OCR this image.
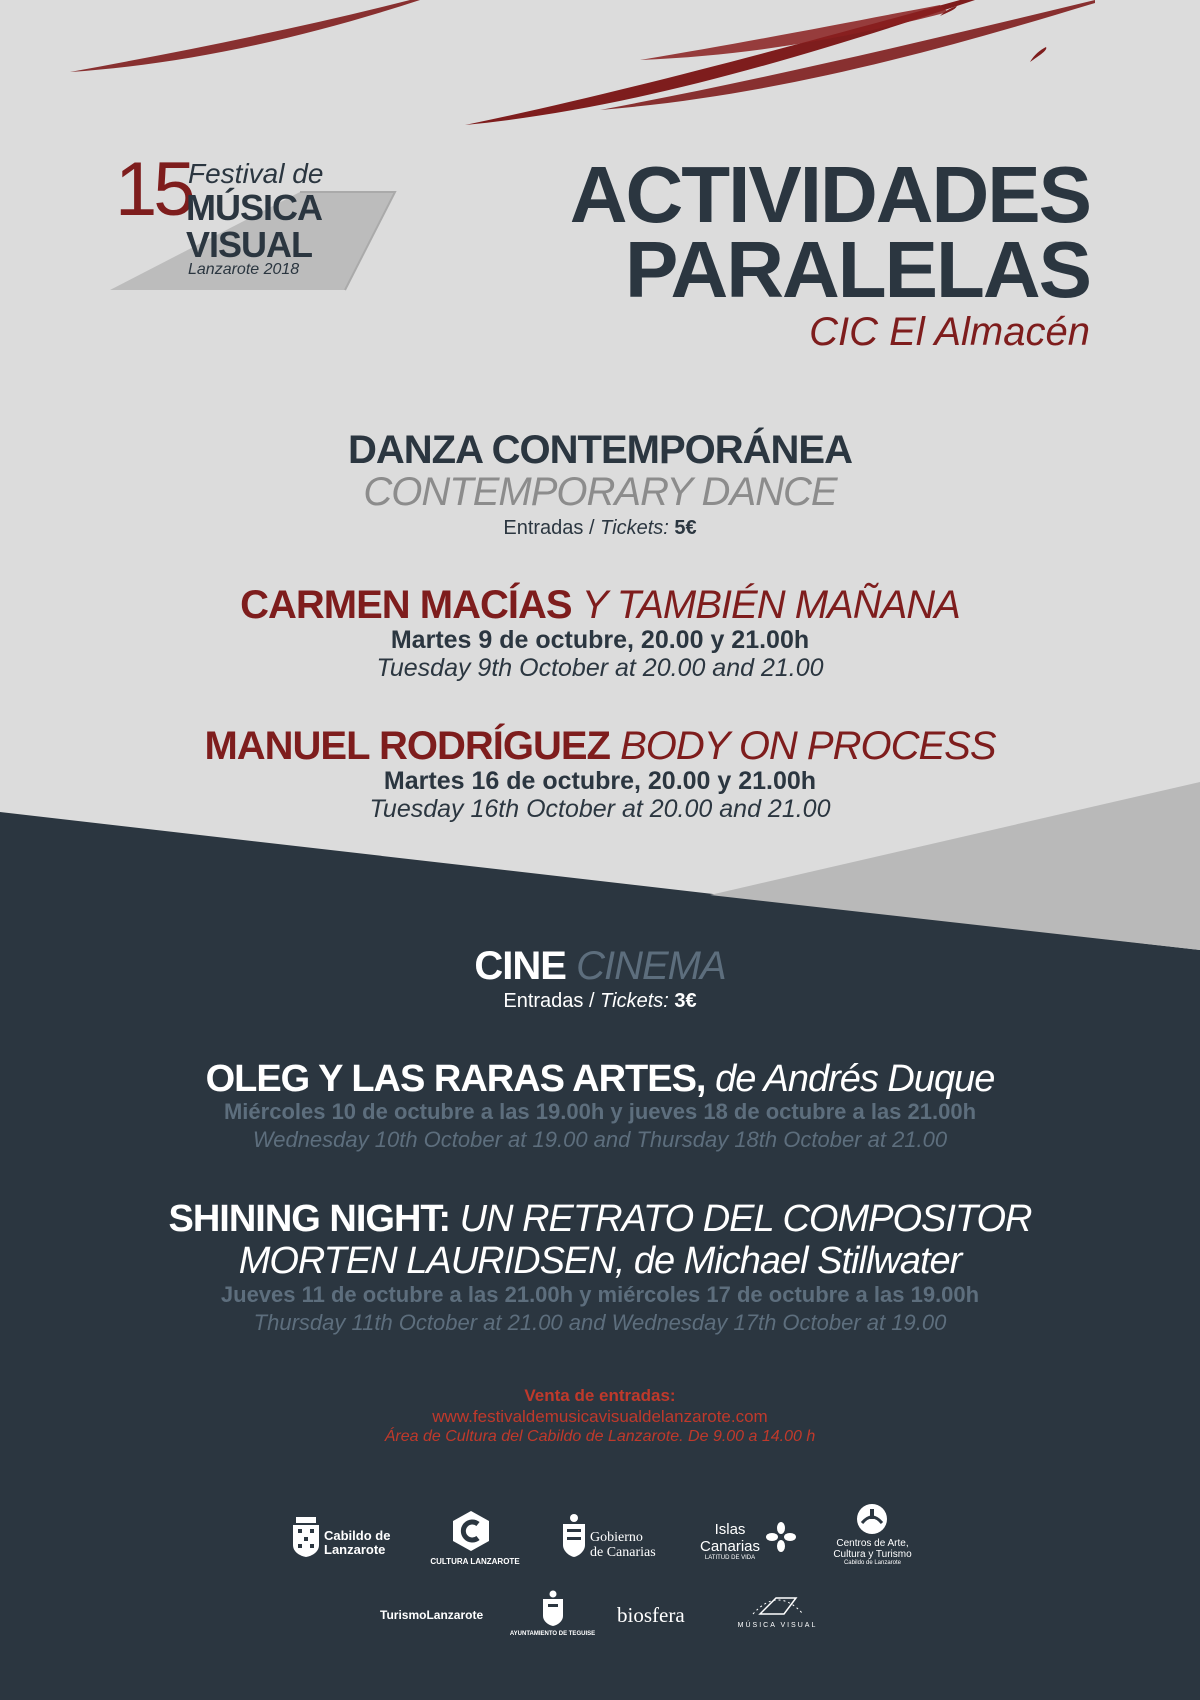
15
Festival de
MÚSICA
VISUAL
Lanzarote 2018
ACTIVIDADES
PARALELAS
CIC El Almacén
DANZA CONTEMPORÁNEA
CONTEMPORARY DANCE
Entradas / Tickets: 5€
CARMEN MACÍAS Y TAMBIÉN MAÑANA
Martes 9 de octubre, 20.00 y 21.00h
Tuesday 9th October at 20.00 and 21.00
MANUEL RODRÍGUEZ BODY ON PROCESS
Martes 16 de octubre, 20.00 y 21.00h
Tuesday 16th October at 20.00 and 21.00
CINE CINEMA
Entradas / Tickets: 3€
OLEG Y LAS RARAS ARTES, de Andrés Duque
Miércoles 10 de octubre a las 19.00h y jueves 18 de octubre a las 21.00h
Wednesday 10th October at 19.00 and Thursday 18th October at 21.00
SHINING NIGHT: UN RETRATO DEL COMPOSITOR
MORTEN LAURIDSEN, de Michael Stillwater
Jueves 11 de octubre a las 21.00h y miércoles 17 de octubre a las 19.00h
Thursday 11th October at 21.00 and Wednesday 17th October at 19.00
Venta de entradas:
www.festivaldemusicavisualdelanzarote.com
Área de Cultura del Cabildo de Lanzarote. De 9.00 a 14.00 h
Cabildo de
Lanzarote
CULTURA LANZAROTE
Gobierno
de Canarias
Islas
Canarias
LATITUD DE VIDA
Centros de Arte,
Cultura y Turismo
Cabildo de Lanzarote
TurismoLanzarote
AYUNTAMIENTO DE TEGUISE
biosfera	MÚSICA VISUAL
